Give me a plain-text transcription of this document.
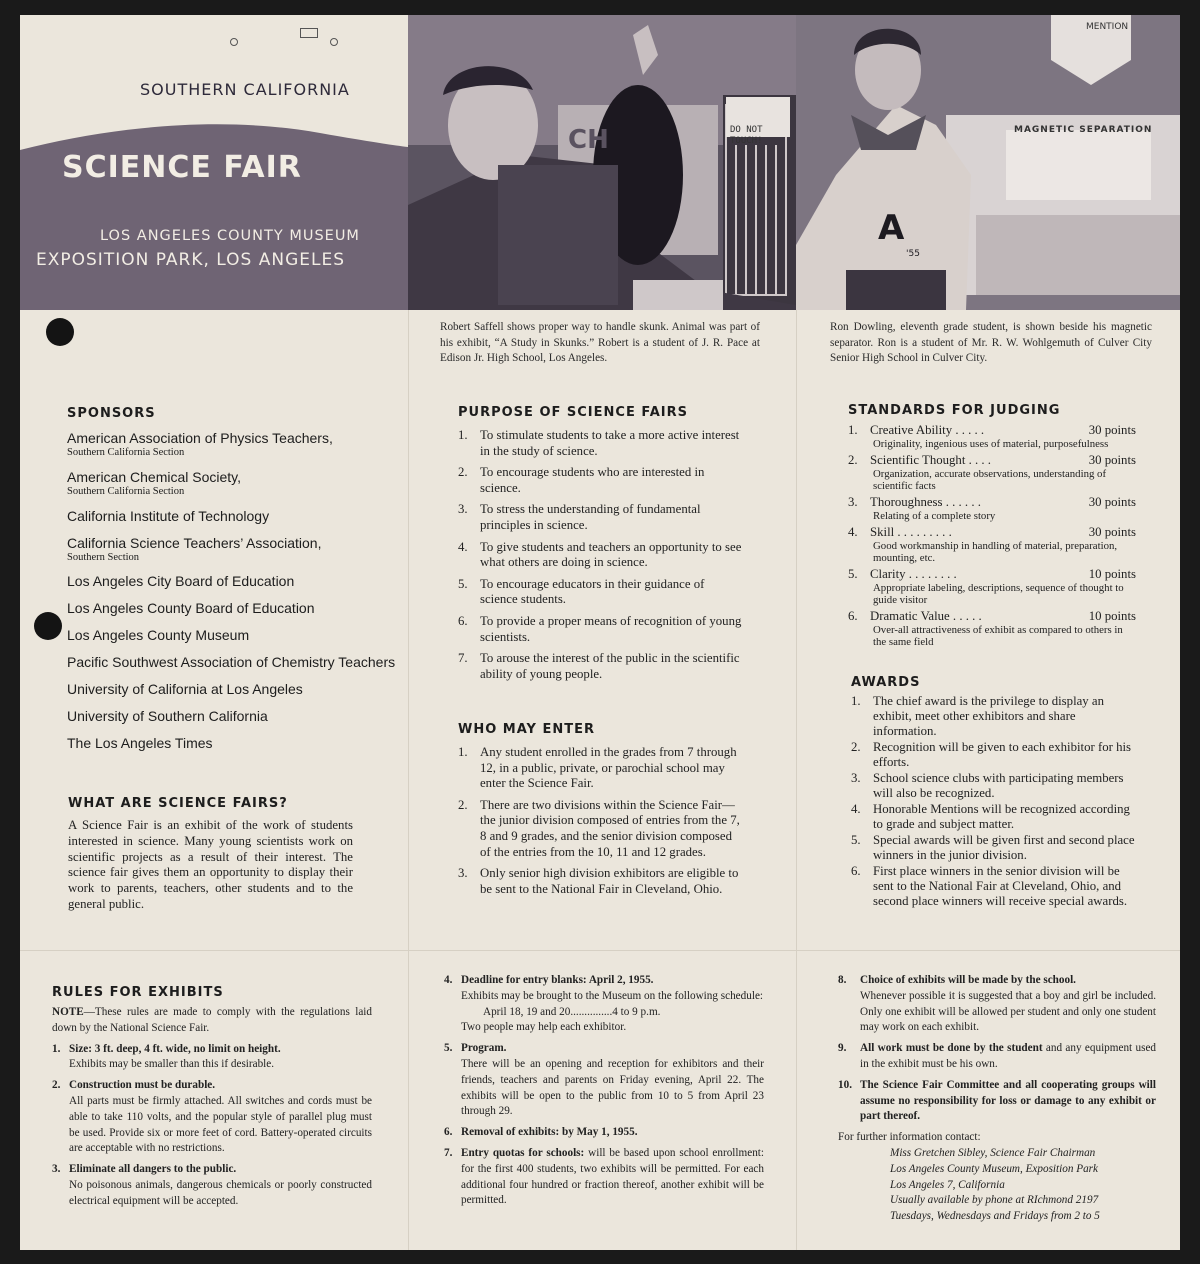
SOUTHERN CALIFORNIA
SCIENCE FAIR
LOS ANGELES COUNTY MUSEUM
EXPOSITION PARK, LOS ANGELES
DO NOT TOUCH!
CH	MAGNETIC SEPARATION
MENTION
A
'55
Robert Saffell shows proper way to handle skunk. Animal was part of his exhibit, “A Study in Skunks.” Robert is a student of J. R. Pace at Edison Jr. High School, Los Angeles.
Ron Dowling, eleventh grade student, is shown beside his magnetic separator. Ron is a student of Mr. R. W. Wohlgemuth of Culver City Senior High School in Culver City.
SPONSORS
American Association of Physics Teachers,
Southern California Section
American Chemical Society,
Southern California Section
California Institute of Technology
California Science Teachers’ Association,
Southern Section
Los Angeles City Board of Education
Los Angeles County Board of Education
Los Angeles County Museum
Pacific Southwest Association of Chemistry Teachers
University of California at Los Angeles
University of Southern California
The Los Angeles Times
WHAT ARE SCIENCE FAIRS?
A Science Fair is an exhibit of the work of students interested in science. Many young scientists work on scientific projects as a result of their interest. The science fair gives them an opportunity to display their work to parents, teachers, other students and to the general public.
PURPOSE OF SCIENCE FAIRS
1. To stimulate students to take a more active interest in the study of science.
2. To encourage students who are interested in science.
3. To stress the understanding of fundamental principles in science.
4. To give students and teachers an opportunity to see what others are doing in science.
5. To encourage educators in their guidance of science students.
6. To provide a proper means of recognition of young scientists.
7. To arouse the interest of the public in the scientific ability of young people.
WHO MAY ENTER
1. Any student enrolled in the grades from 7 through 12, in a public, private, or parochial school may enter the Science Fair.
2. There are two divisions within the Science Fair—the junior division composed of entries from the 7, 8 and 9 grades, and the senior division composed of the entries from the 10, 11 and 12 grades.
3. Only senior high division exhibitors are eligible to be sent to the National Fair in Cleveland, Ohio.
STANDARDS FOR JUDGING
1. Creative Ability . . . . .	30 points
Originality, ingenious uses of material, purposefulness
2. Scientific Thought . . . .	30 points
Organization, accurate observations, understanding of scientific facts
3. Thoroughness . . . . . .	30 points
Relating of a complete story
4. Skill . . . . . . . . .	30 points
Good workmanship in handling of material, preparation, mounting, etc.
5. Clarity . . . . . . . .	10 points
Appropriate labeling, descriptions, sequence of thought to guide visitor
6. Dramatic Value . . . . .	10 points
Over-all attractiveness of exhibit as compared to others in the same field
AWARDS
1. The chief award is the privilege to display an exhibit, meet other exhibitors and share information.
2. Recognition will be given to each exhibitor for his efforts.
3. School science clubs with participating members will also be recognized.
4. Honorable Mentions will be recognized according to grade and subject matter.
5. Special awards will be given first and second place winners in the junior division.
6. First place winners in the senior division will be sent to the National Fair at Cleveland, Ohio, and second place winners will receive special awards.
RULES FOR EXHIBITS
NOTE—These rules are made to comply with the regulations laid down by the National Science Fair.
1. Size: 3 ft. deep, 4 ft. wide, no limit on height.
Exhibits may be smaller than this if desirable.
2. Construction must be durable.
All parts must be firmly attached. All switches and cords must be able to take 110 volts, and the popular style of parallel plug must be used. Provide six or more feet of cord. Battery-operated circuits are acceptable with no restrictions.
3. Eliminate all dangers to the public.
No poisonous animals, dangerous chemicals or poorly constructed electrical equipment will be accepted.
4. Deadline for entry blanks: April 2, 1955.
Exhibits may be brought to the Museum on the following schedule:
April 18, 19 and 20...............4 to 9 p.m.
Two people may help each exhibitor.
5. Program.
There will be an opening and reception for exhibitors and their friends, teachers and parents on Friday evening, April 22. The exhibits will be open to the public from 10 to 5 from April 23 through 29.
6. Removal of exhibits: by May 1, 1955.
7. Entry quotas for schools: will be based upon school enrollment: for the first 400 students, two exhibits will be permitted. For each additional four hundred or fraction thereof, another exhibit will be permitted.
8. Choice of exhibits will be made by the school.
Whenever possible it is suggested that a boy and girl be included. Only one exhibit will be allowed per student and only one student may work on each exhibit.
9. All work must be done by the student and any equipment used in the exhibit must be his own.
10. The Science Fair Committee and all cooperating groups will assume no responsibility for loss or damage to any exhibit or part thereof.
For further information contact:
Miss Gretchen Sibley, Science Fair Chairman
Los Angeles County Museum, Exposition Park
Los Angeles 7, California
Usually available by phone at RIchmond 2197
Tuesdays, Wednesdays and Fridays from 2 to 5
